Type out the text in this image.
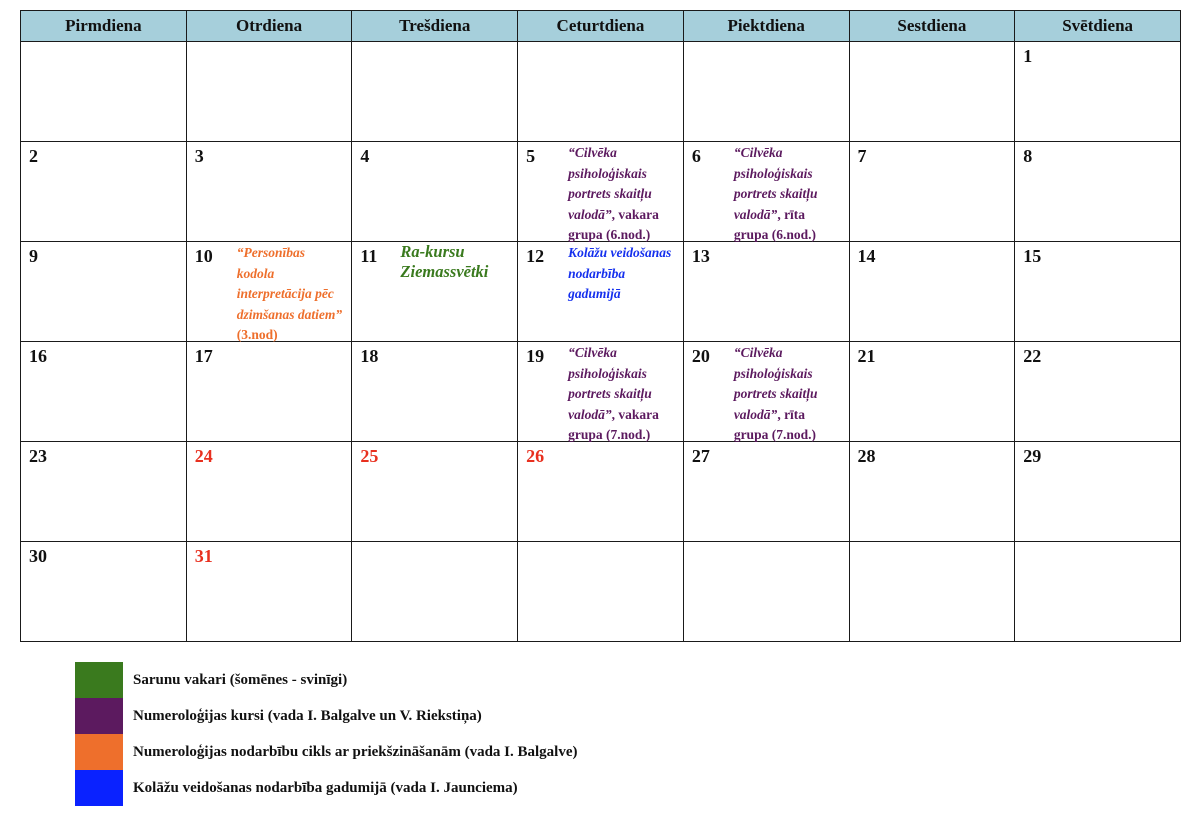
Pirmdiena	Otrdiena	Trešdiena	Ceturtdiena	Piektdiena	Sestdiena	Svētdiena

						1

2	3	4	5 “Cilvēka psiholoģiskais portrets skaitļu valodā”, vakara grupa (6.nod.)	6 “Cilvēka psiholoģiskais portrets skaitļu valodā”, rīta grupa (6.nod.)	7	8

9	10 “Personības kodola interpretācija pēc dzimšanas datiem” (3.nod)	11 Ra-kursu Ziemassvētki	12 Kolāžu veidošanas nodarbība gadumijā	13	14	15

16	17	18	19 “Cilvēka psiholoģiskais portrets skaitļu valodā”, vakara grupa (7.nod.)	20 “Cilvēka psiholoģiskais portrets skaitļu valodā”, rīta grupa (7.nod.)	21	22

23	24	25	26	27	28	29

30	31					

Sarunu vakari (šomēnes - svinīgi)
Numeroloģijas kursi (vada I. Balgalve un V. Riekstiņa)
Numeroloģijas nodarbību cikls ar priekšzināšanām (vada I. Balgalve)
Kolāžu veidošanas nodarbība gadumijā (vada I. Jaunciema)
